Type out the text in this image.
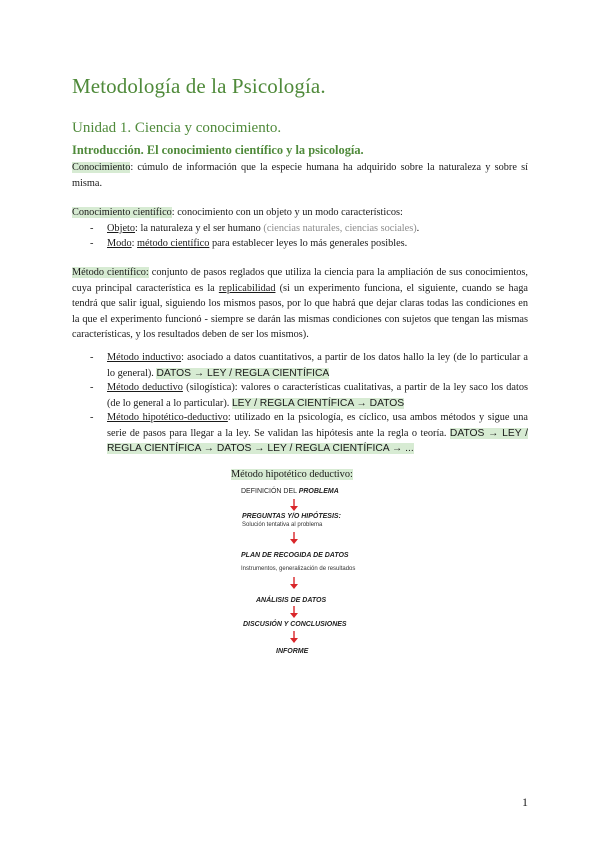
Metodología de la Psicología.
Unidad 1. Ciencia y conocimiento.
Introducción. El conocimiento científico y la psicología.
Conocimiento: cúmulo de información que la especie humana ha adquirido sobre la naturaleza y sobre sí misma.
Conocimiento científico: conocimiento con un objeto y un modo característicos:
- Objeto: la naturaleza y el ser humano (ciencias naturales, ciencias sociales).
- Modo: método científico para establecer leyes lo más generales posibles.
Método científico: conjunto de pasos reglados que utiliza la ciencia para la ampliación de sus conocimientos, cuya principal característica es la replicabilidad (si un experimento funciona, el siguiente, cuando se haga tendrá que salir igual, siguiendo los mismos pasos, por lo que habrá que dejar claras todas las condiciones en la que el experimento funcionó - siempre se darán las mismas condiciones con sujetos que tengan las mismas características, y los resultados deben de ser los mismos).
- Método inductivo: asociado a datos cuantitativos, a partir de los datos hallo la ley (de lo particular a lo general). DATOS → LEY / REGLA CIENTÍFICA
- Método deductivo (silogística): valores o características cualitativas, a partir de la ley saco los datos (de lo general a lo particular). LEY / REGLA CIENTÍFICA → DATOS
- Método hipotético-deductivo: utilizado en la psicología, es cíclico, usa ambos métodos y sigue una serie de pasos para llegar a la ley. Se validan las hipótesis ante la regla o teoría. DATOS → LEY / REGLA CIENTÍFICA → DATOS → LEY / REGLA CIENTÍFICA → ...
Método hipotético deductivo:
DEFINICIÓN DEL PROBLEMA
PREGUNTAS Y/O HIPÓTESIS:
Solución tentativa al problema
PLAN DE RECOGIDA DE DATOS
Instrumentos, generalización de resultados
ANÁLISIS DE DATOS
DISCUSIÓN Y CONCLUSIONES
INFORME
1
